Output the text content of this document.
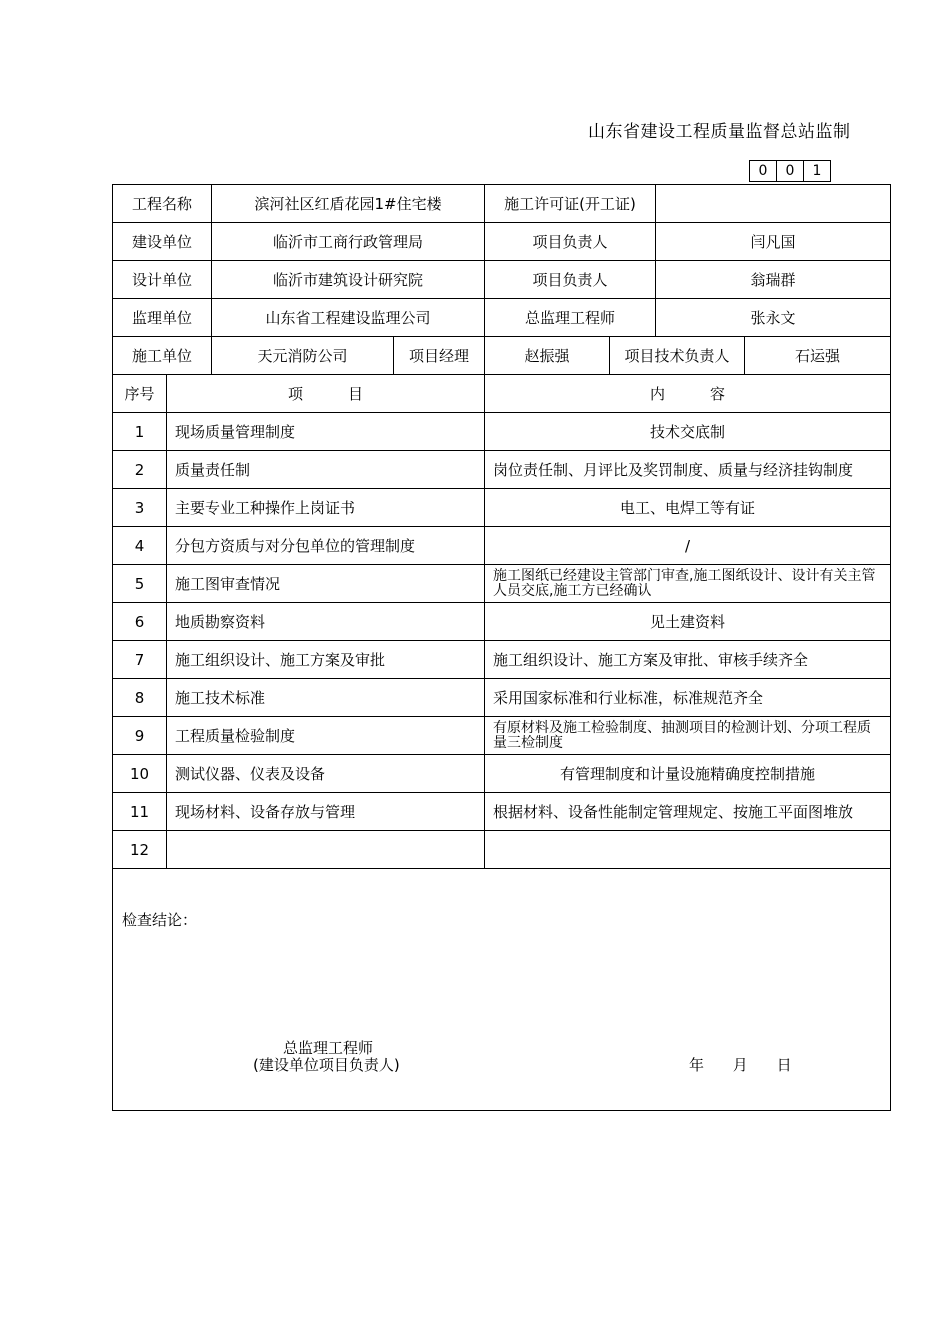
山东省建设工程质量监督总站监制
0	0	1
工程名称		滨河社区红盾花园1#住宅楼		施工许可证(开工证)			
建设单位		临沂市工商行政管理局		项目负责人		闫凡国	
设计单位		临沂市建筑设计研究院		项目负责人		翁瑞群	
监理单位		山东省工程建设监理公司		总监理工程师		张永文	
施工单位		天元消防公司	项目经理	赵振强	项目技术负责人		石运强
序号	项　　　目			内　　　容			
1	现场质量管理制度			技术交底制			
2	质量责任制			岗位责任制、月评比及奖罚制度、质量与经济挂钩制度			
3	主要专业工种操作上岗证书			电工、电焊工等有证			
4	分包方资质与对分包单位的管理制度			/			
5	施工图审查情况			施工图纸已经建设主管部门审查,施工图纸设计、设计有关主管人员交底,施工方已经确认			
6	地质勘察资料			见土建资料			
7	施工组织设计、施工方案及审批			施工组织设计、施工方案及审批、审核手续齐全			
8	施工技术标准			采用国家标准和行业标准，标准规范齐全			
9	工程质量检验制度			有原材料及施工检验制度、抽测项目的检测计划、分项工程质量三检制度			
10	测试仪器、仪表及设备			有管理制度和计量设施精确度控制措施			
11	现场材料、设备存放与管理			根据材料、设备性能制定管理规定、按施工平面图堆放			
12							

检查结论：
总监理工程师
(建设单位项目负责人) 年 月 日							
